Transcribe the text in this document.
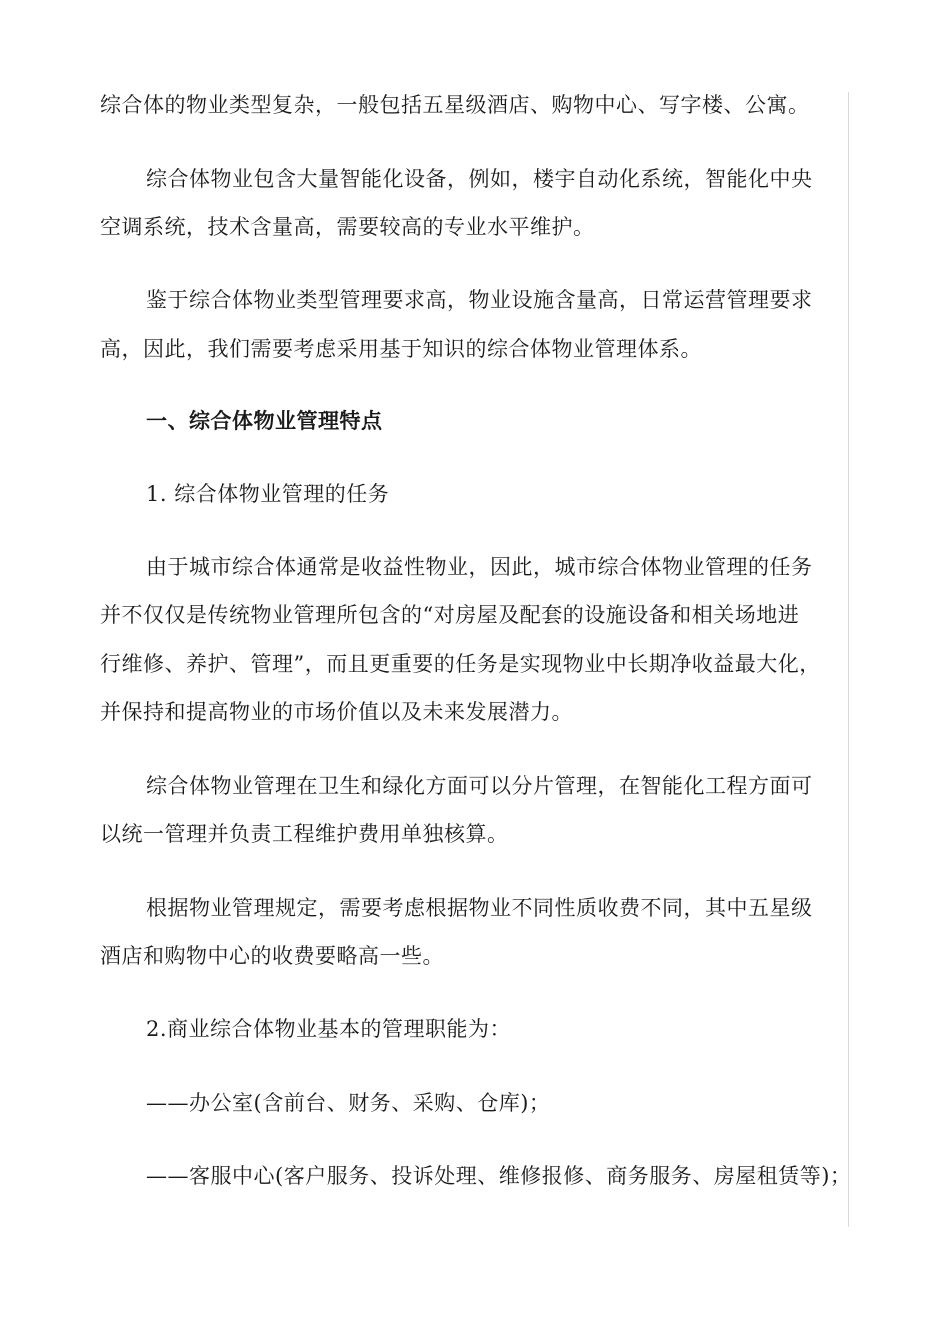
综合体的物业类型复杂，一般包括五星级酒店、购物中心、写字楼、公寓。
综合体物业包含大量智能化设备，例如，楼宇自动化系统，智能化中央
空调系统，技术含量高，需要较高的专业水平维护。
鉴于综合体物业类型管理要求高，物业设施含量高，日常运营管理要求
高，因此，我们需要考虑采用基于知识的综合体物业管理体系。
一、综合体物业管理特点
1. 综合体物业管理的任务
由于城市综合体通常是收益性物业，因此，城市综合体物业管理的任务
并不仅仅是传统物业管理所包含的“对房屋及配套的设施设备和相关场地进
行维修、养护、管理”，而且更重要的任务是实现物业中长期净收益最大化，
并保持和提高物业的市场价值以及未来发展潜力。
综合体物业管理在卫生和绿化方面可以分片管理，在智能化工程方面可
以统一管理并负责工程维护费用单独核算。
根据物业管理规定，需要考虑根据物业不同性质收费不同，其中五星级
酒店和购物中心的收费要略高一些。
2.商业综合体物业基本的管理职能为：
——办公室(含前台、财务、采购、仓库)；
——客服中心(客户服务、投诉处理、维修报修、商务服务、房屋租赁等)；
